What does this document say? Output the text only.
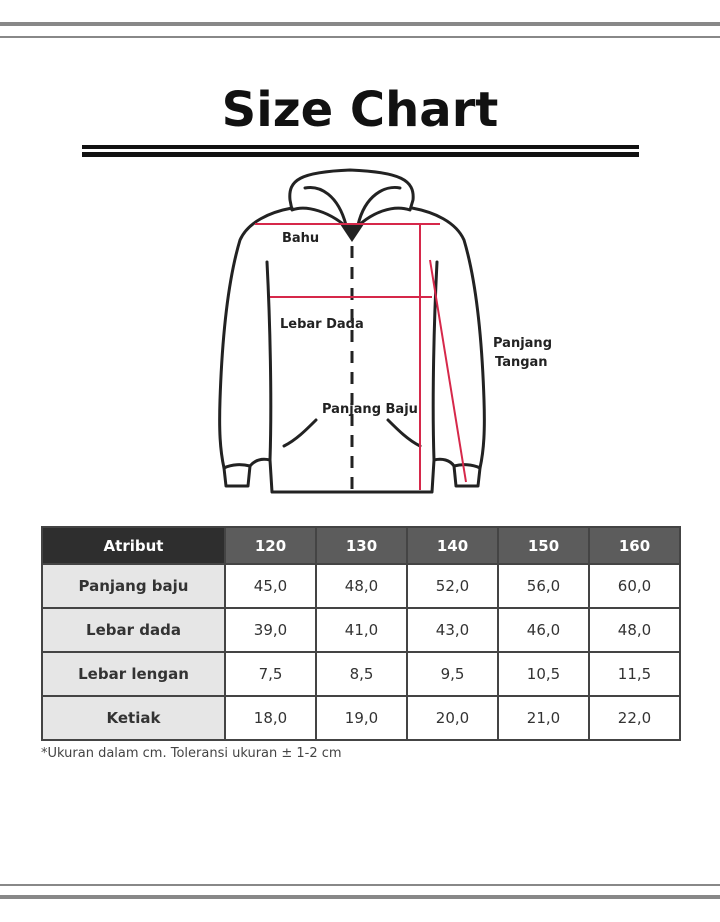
Size Chart
Bahu
Lebar Dada
Panjang Baju
Panjang
Tangan
Atribut	120	130	140	150	160
Panjang baju	45,0	48,0	52,0	56,0	60,0
Lebar dada	39,0	41,0	43,0	46,0	48,0
Lebar lengan	7,5	8,5	9,5	10,5	11,5
Ketiak	18,0	19,0	20,0	21,0	22,0
*Ukuran dalam cm. Toleransi ukuran ± 1-2 cm
